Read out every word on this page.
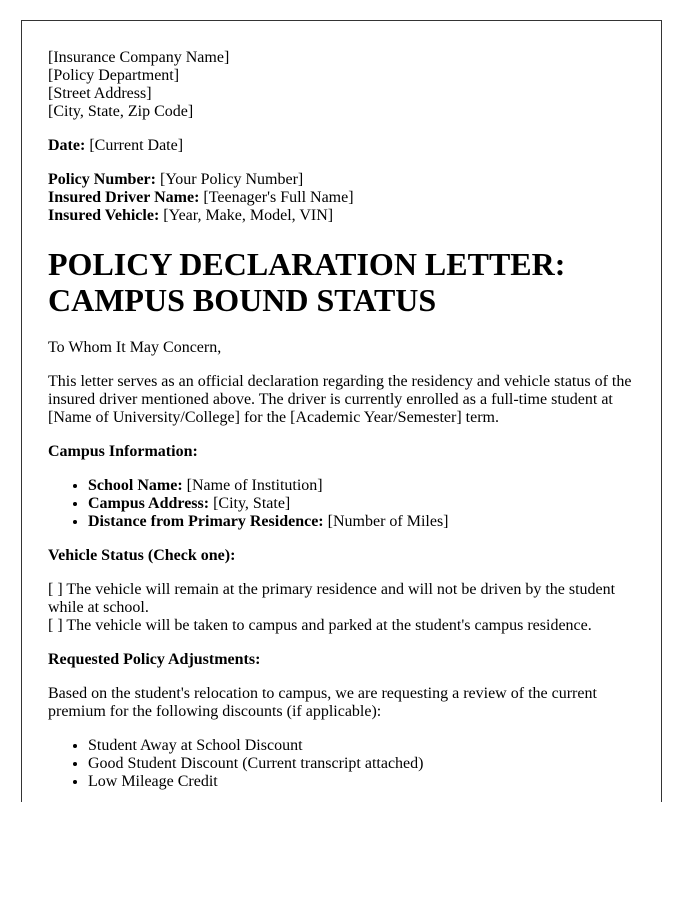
[Insurance Company Name]
[Policy Department]
[Street Address]
[City, State, Zip Code]
Date: [Current Date]
Policy Number: [Your Policy Number]
Insured Driver Name: [Teenager's Full Name]
Insured Vehicle: [Year, Make, Model, VIN]
POLICY DECLARATION LETTER: CAMPUS BOUND STATUS

To Whom It May Concern,

This letter serves as an official declaration regarding the residency and vehicle status of the insured driver mentioned above. The driver is currently enrolled as a full-time student at [Name of University/College] for the [Academic Year/Semester] term.

Campus Information:

• School Name: [Name of Institution]
• Campus Address: [City, State]
• Distance from Primary Residence: [Number of Miles]

Vehicle Status (Check one):

[ ] The vehicle will remain at the primary residence and will not be driven by the student while at school.
[ ] The vehicle will be taken to campus and parked at the student's campus residence.

Requested Policy Adjustments:

Based on the student's relocation to campus, we are requesting a review of the current premium for the following discounts (if applicable):

• Student Away at School Discount
• Good Student Discount (Current transcript attached)
• Low Mileage Credit
